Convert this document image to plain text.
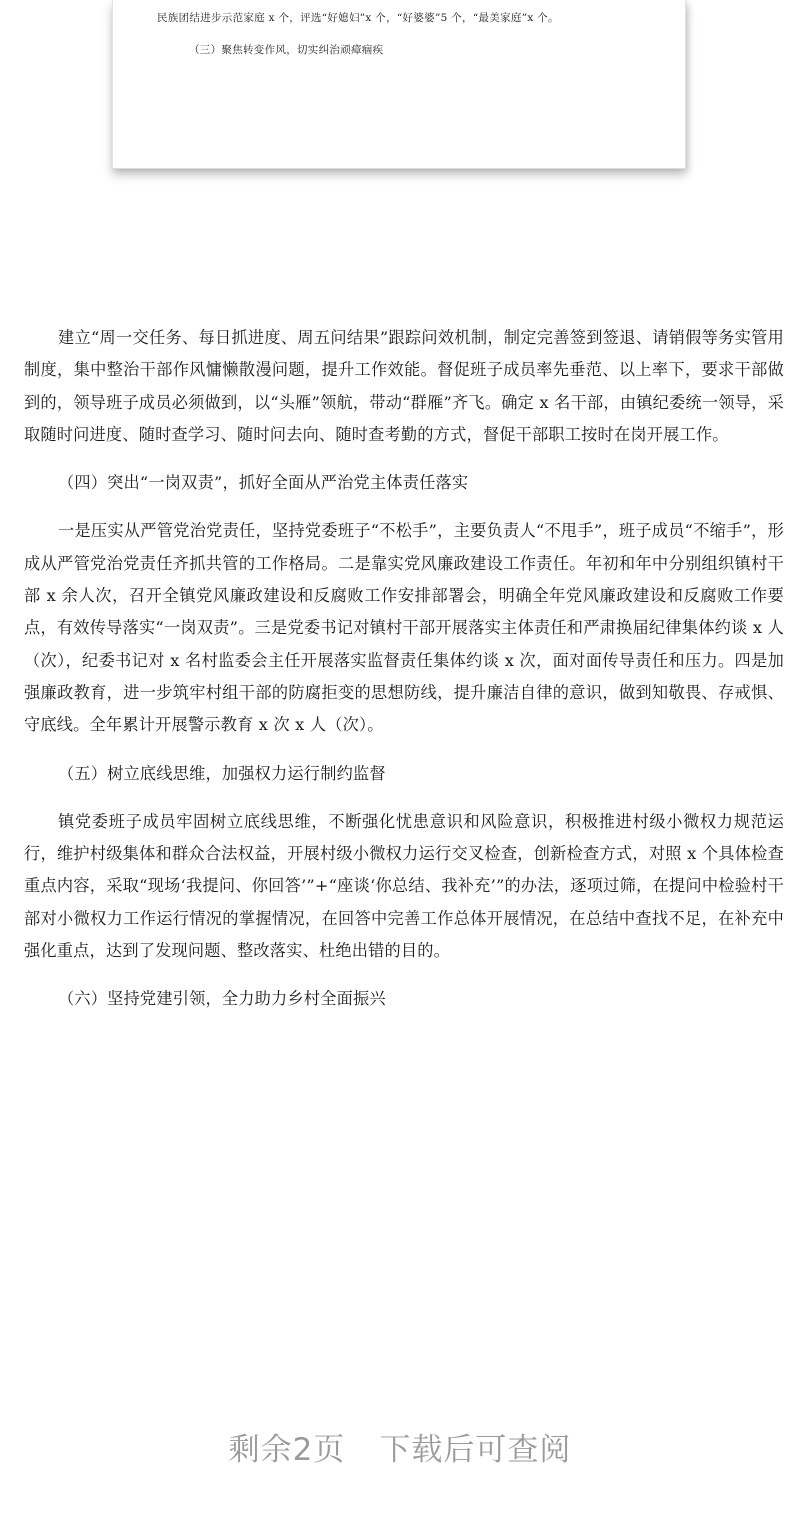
民族团结进步示范家庭 x 个，评选“好媳妇”x 个，“好婆婆”5 个，“最美家庭”x 个。
（三）聚焦转变作风，切实纠治顽瘴痼疾

建立“周一交任务、每日抓进度、周五问结果”跟踪问效机制，制定完善签到签退、请销假等务实管用制度，集中整治干部作风慵懒散漫问题，提升工作效能。督促班子成员率先垂范、以上率下，要求干部做到的，领导班子成员必须做到，以“头雁”领航，带动“群雁”齐飞。确定 x 名干部，由镇纪委统一领导，采取随时问进度、随时查学习、随时问去向、随时查考勤的方式，督促干部职工按时在岗开展工作。

（四）突出“一岗双责”，抓好全面从严治党主体责任落实

一是压实从严管党治党责任，坚持党委班子“不松手”，主要负责人“不甩手”，班子成员“不缩手”，形成从严管党治党责任齐抓共管的工作格局。二是靠实党风廉政建设工作责任。年初和年中分别组织镇村干部 x 余人次，召开全镇党风廉政建设和反腐败工作安排部署会，明确全年党风廉政建设和反腐败工作要点，有效传导落实“一岗双责”。三是党委书记对镇村干部开展落实主体责任和严肃换届纪律集体约谈 x 人（次），纪委书记对 x 名村监委会主任开展落实监督责任集体约谈 x 次，面对面传导责任和压力。四是加强廉政教育，进一步筑牢村组干部的防腐拒变的思想防线，提升廉洁自律的意识，做到知敬畏、存戒惧、守底线。全年累计开展警示教育 x 次 x 人（次）。

（五）树立底线思维，加强权力运行制约监督

镇党委班子成员牢固树立底线思维，不断强化忧患意识和风险意识，积极推进村级小微权力规范运行，维护村级集体和群众合法权益，开展村级小微权力运行交叉检查，创新检查方式，对照 x 个具体检查重点内容，采取“现场‘我提问、你回答’”+“座谈‘你总结、我补充’”的办法，逐项过筛，在提问中检验村干部对小微权力工作运行情况的掌握情况，在回答中完善工作总体开展情况，在总结中查找不足，在补充中强化重点，达到了发现问题、整改落实、杜绝出错的目的。

（六）坚持党建引领，全力助力乡村全面振兴

剩余2页 下载后可查阅
